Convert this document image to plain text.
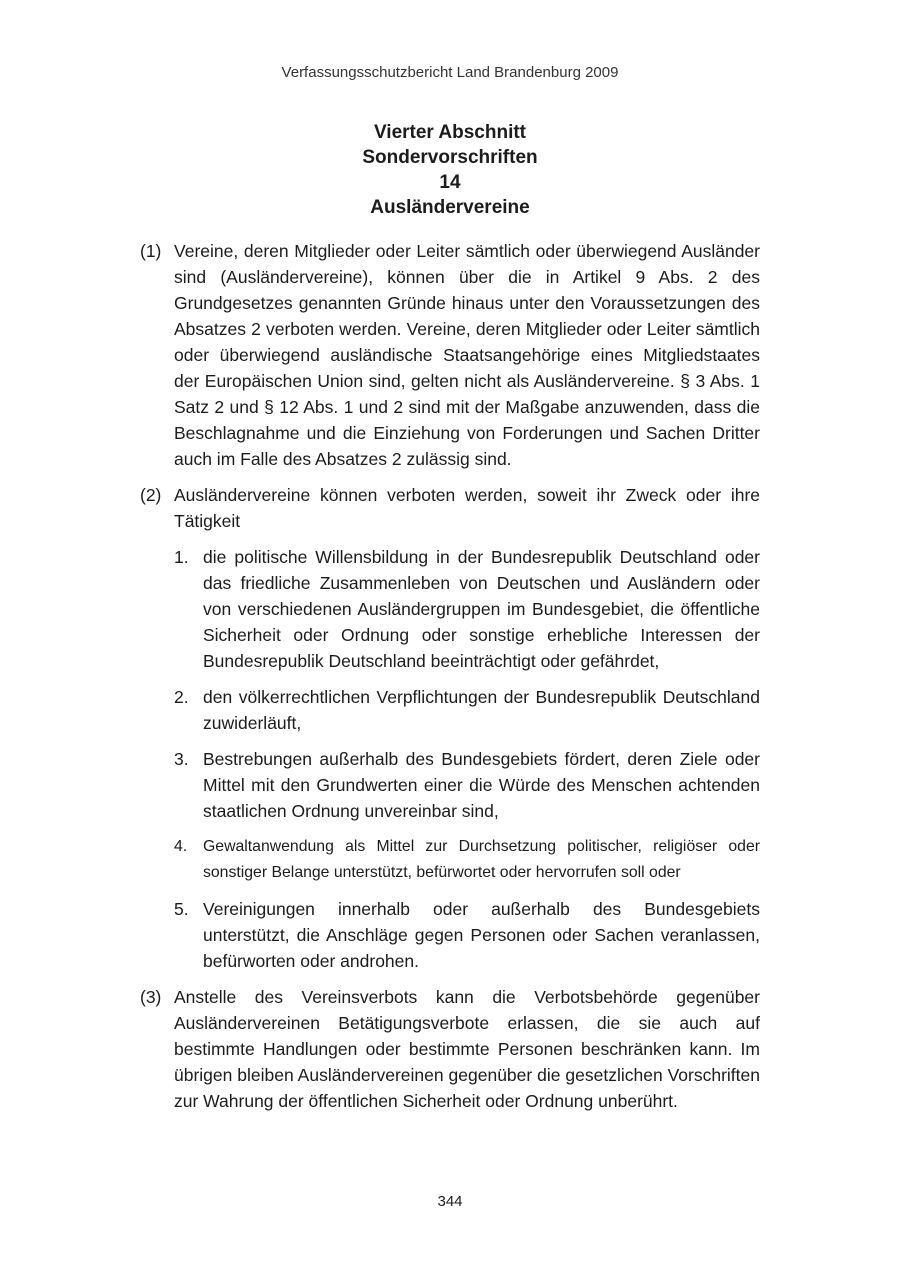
Verfassungsschutzbericht Land Brandenburg 2009
Vierter Abschnitt
Sondervorschriften
14
Ausländervereine
(1) Vereine, deren Mitglieder oder Leiter sämtlich oder überwiegend Ausländer sind (Ausländervereine), können über die in Artikel 9 Abs. 2 des Grundgesetzes genannten Gründe hinaus unter den Voraussetzungen des Absatzes 2 verboten werden. Vereine, deren Mitglieder oder Leiter sämtlich oder überwiegend ausländische Staatsangehörige eines Mitgliedstaates der Europäischen Union sind, gelten nicht als Ausländervereine. § 3 Abs. 1 Satz 2 und § 12 Abs. 1 und 2 sind mit der Maßgabe anzuwenden, dass die Beschlagnahme und die Einziehung von Forderungen und Sachen Dritter auch im Falle des Absatzes 2 zulässig sind.
(2) Ausländervereine können verboten werden, soweit ihr Zweck oder ihre Tätigkeit
1. die politische Willensbildung in der Bundesrepublik Deutschland oder das friedliche Zusammenleben von Deutschen und Ausländern oder von verschiedenen Ausländergruppen im Bundesgebiet, die öffentliche Sicherheit oder Ordnung oder sonstige erhebliche Interessen der Bundesrepublik Deutschland beeinträchtigt oder gefährdet,
2. den völkerrechtlichen Verpflichtungen der Bundesrepublik Deutschland zuwiderläuft,
3. Bestrebungen außerhalb des Bundesgebiets fördert, deren Ziele oder Mittel mit den Grundwerten einer die Würde des Menschen achtenden staatlichen Ordnung unvereinbar sind,
4. Gewaltanwendung als Mittel zur Durchsetzung politischer, religiöser oder sonstiger Belange unterstützt, befürwortet oder hervorrufen soll oder
5. Vereinigungen innerhalb oder außerhalb des Bundesgebiets unterstützt, die Anschläge gegen Personen oder Sachen veranlassen, befürworten oder androhen.
(3) Anstelle des Vereinsverbots kann die Verbotsbehörde gegenüber Ausländervereinen Betätigungsverbote erlassen, die sie auch auf bestimmte Handlungen oder bestimmte Personen beschränken kann. Im übrigen bleiben Ausländervereinen gegenüber die gesetzlichen Vorschriften zur Wahrung der öffentlichen Sicherheit oder Ordnung unberührt.
344
